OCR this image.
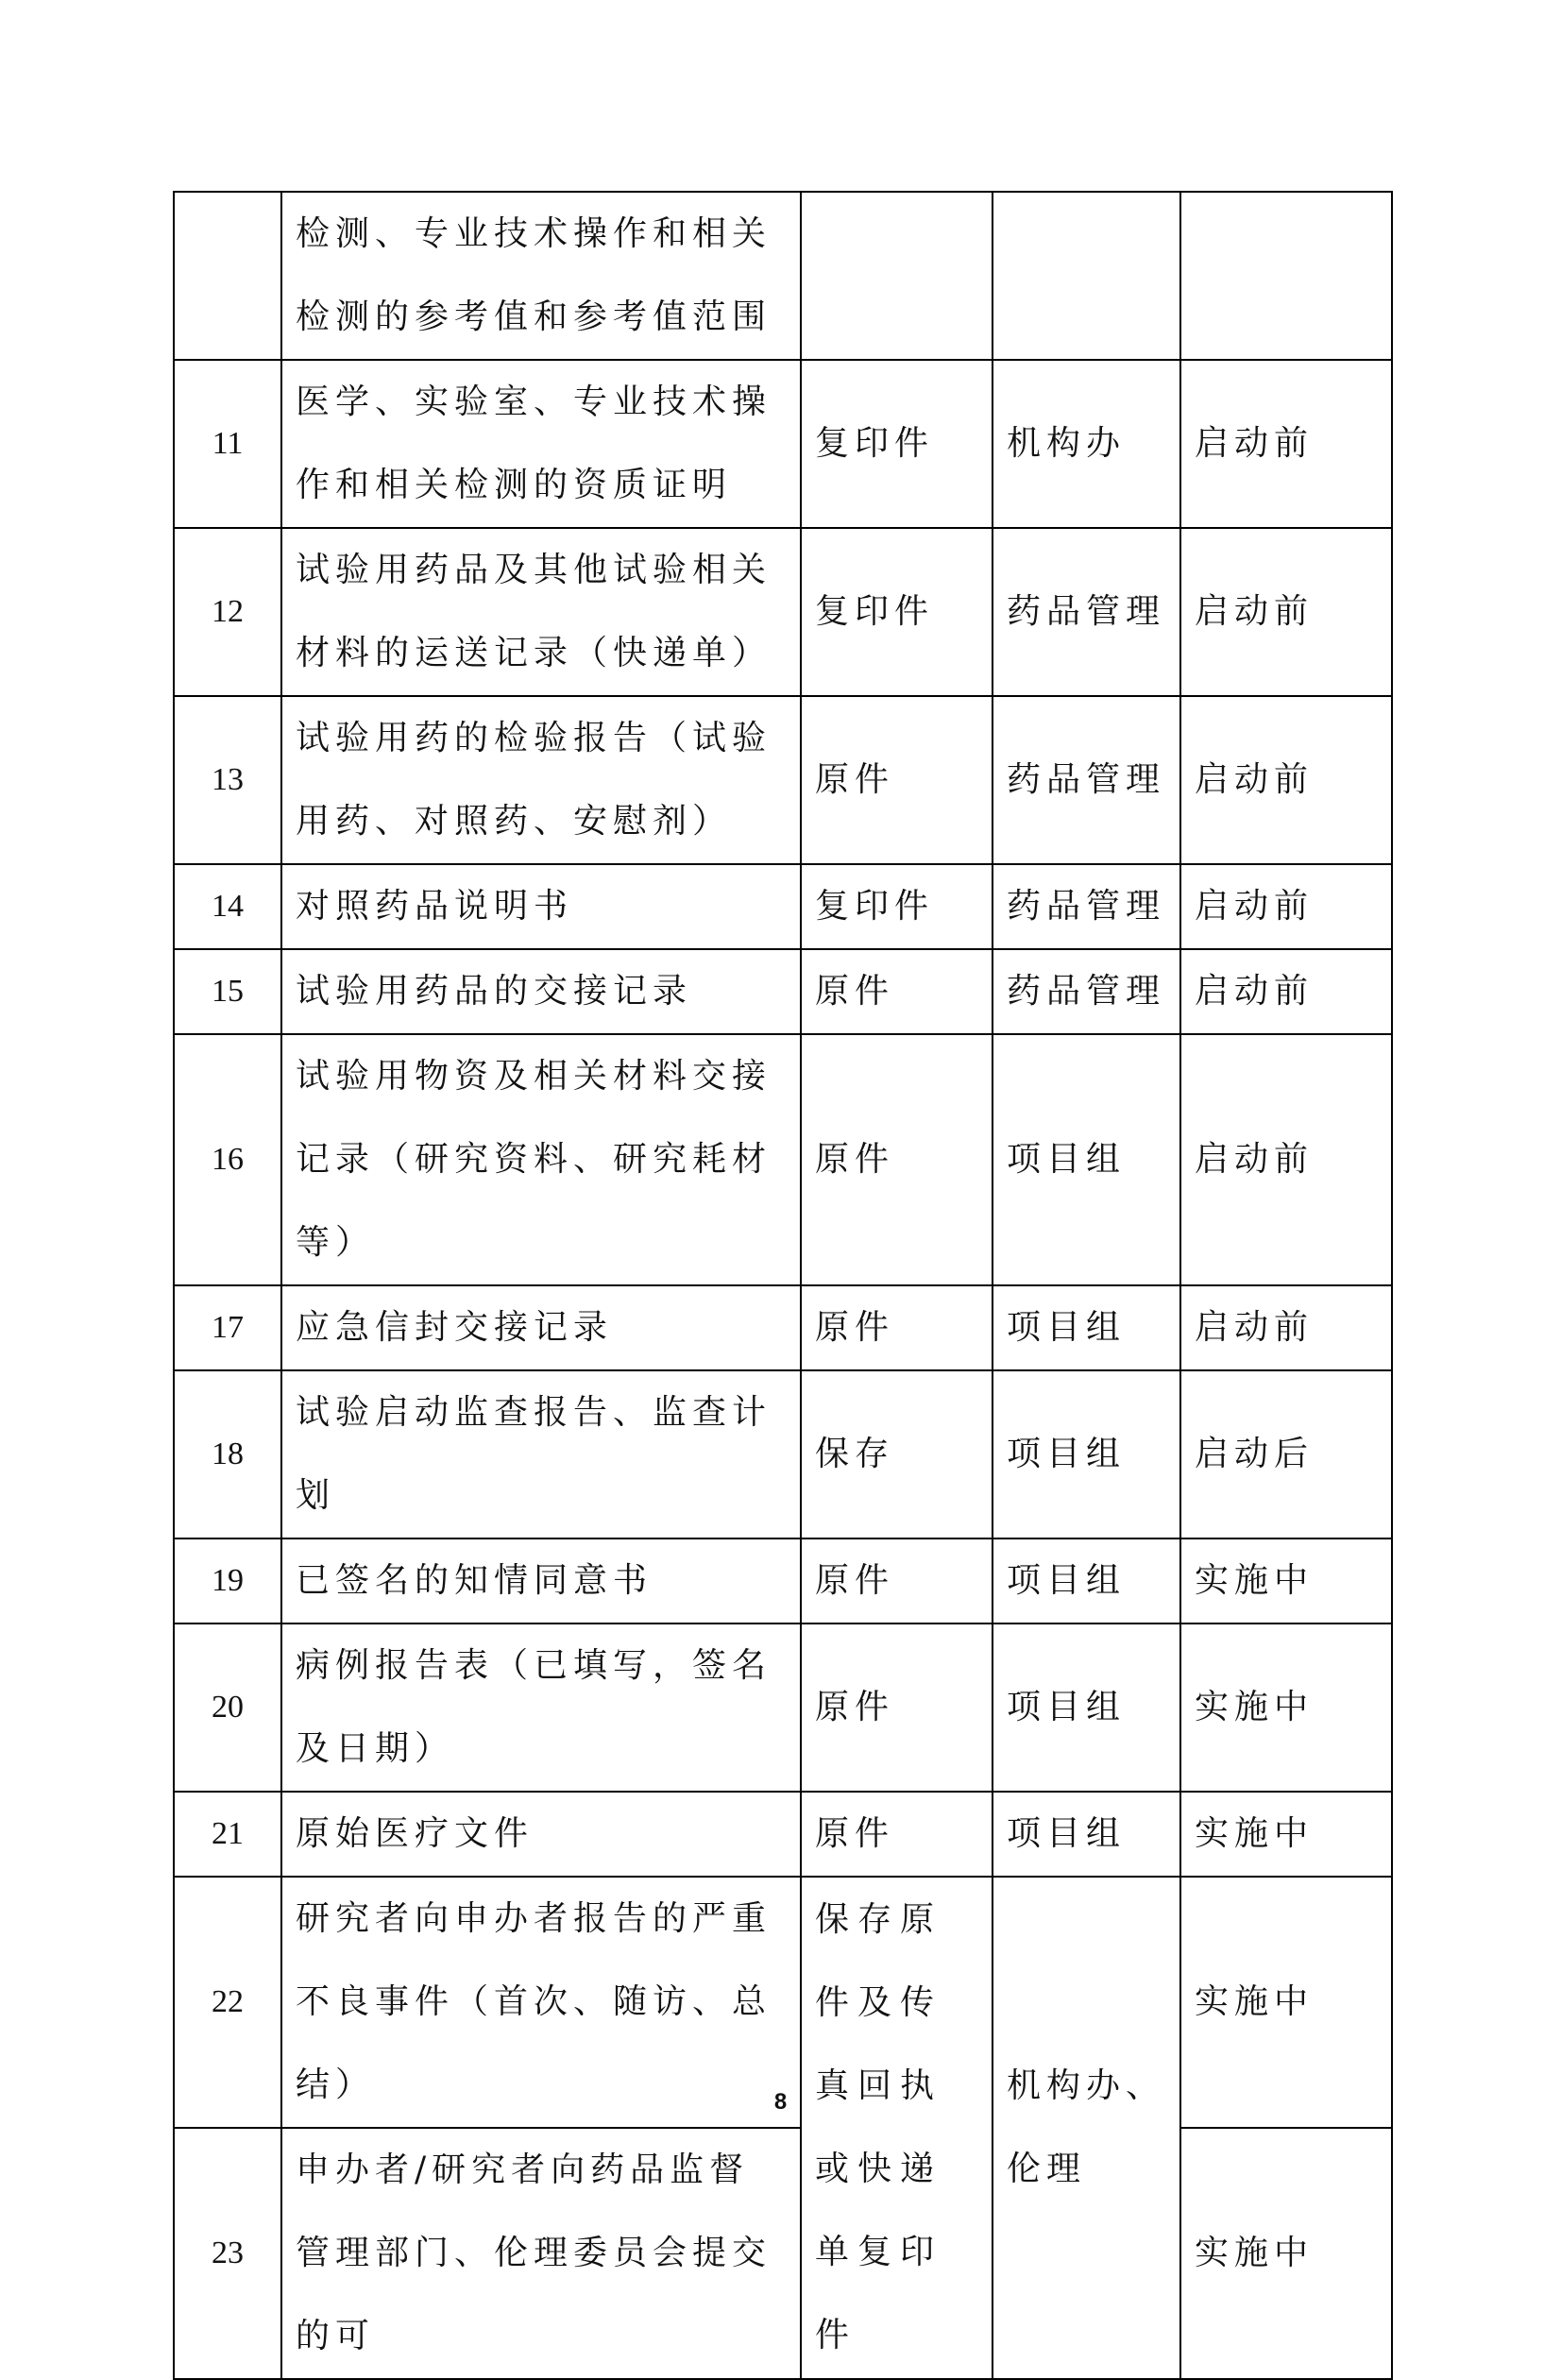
	检测、专业技术操作和相关检测的参考值和参考值范围			
11	医学、实验室、专业技术操作和相关检测的资质证明	复印件	机构办	启动前
12	试验用药品及其他试验相关材料的运送记录（快递单）	复印件	药品管理	启动前
13	试验用药的检验报告（试验用药、对照药、安慰剂）	原件	药品管理	启动前
14	对照药品说明书	复印件	药品管理	启动前
15	试验用药品的交接记录	原件	药品管理	启动前
16	试验用物资及相关材料交接记录（研究资料、研究耗材等）	原件	项目组	启动前
17	应急信封交接记录	原件	项目组	启动前
18	试验启动监查报告、监查计划	保存	项目组	启动后
19	已签名的知情同意书	原件	项目组	实施中
20	病例报告表（已填写，签名及日期）	原件	项目组	实施中
21	原始医疗文件	原件	项目组	实施中
22	研究者向申办者报告的严重不良事件（首次、随访、总结）	保存原件及传真回执或快递单复印件	机构办、伦理	实施中
23	申办者/研究者向药品监督管理部门、伦理委员会提交的可			实施中
8
